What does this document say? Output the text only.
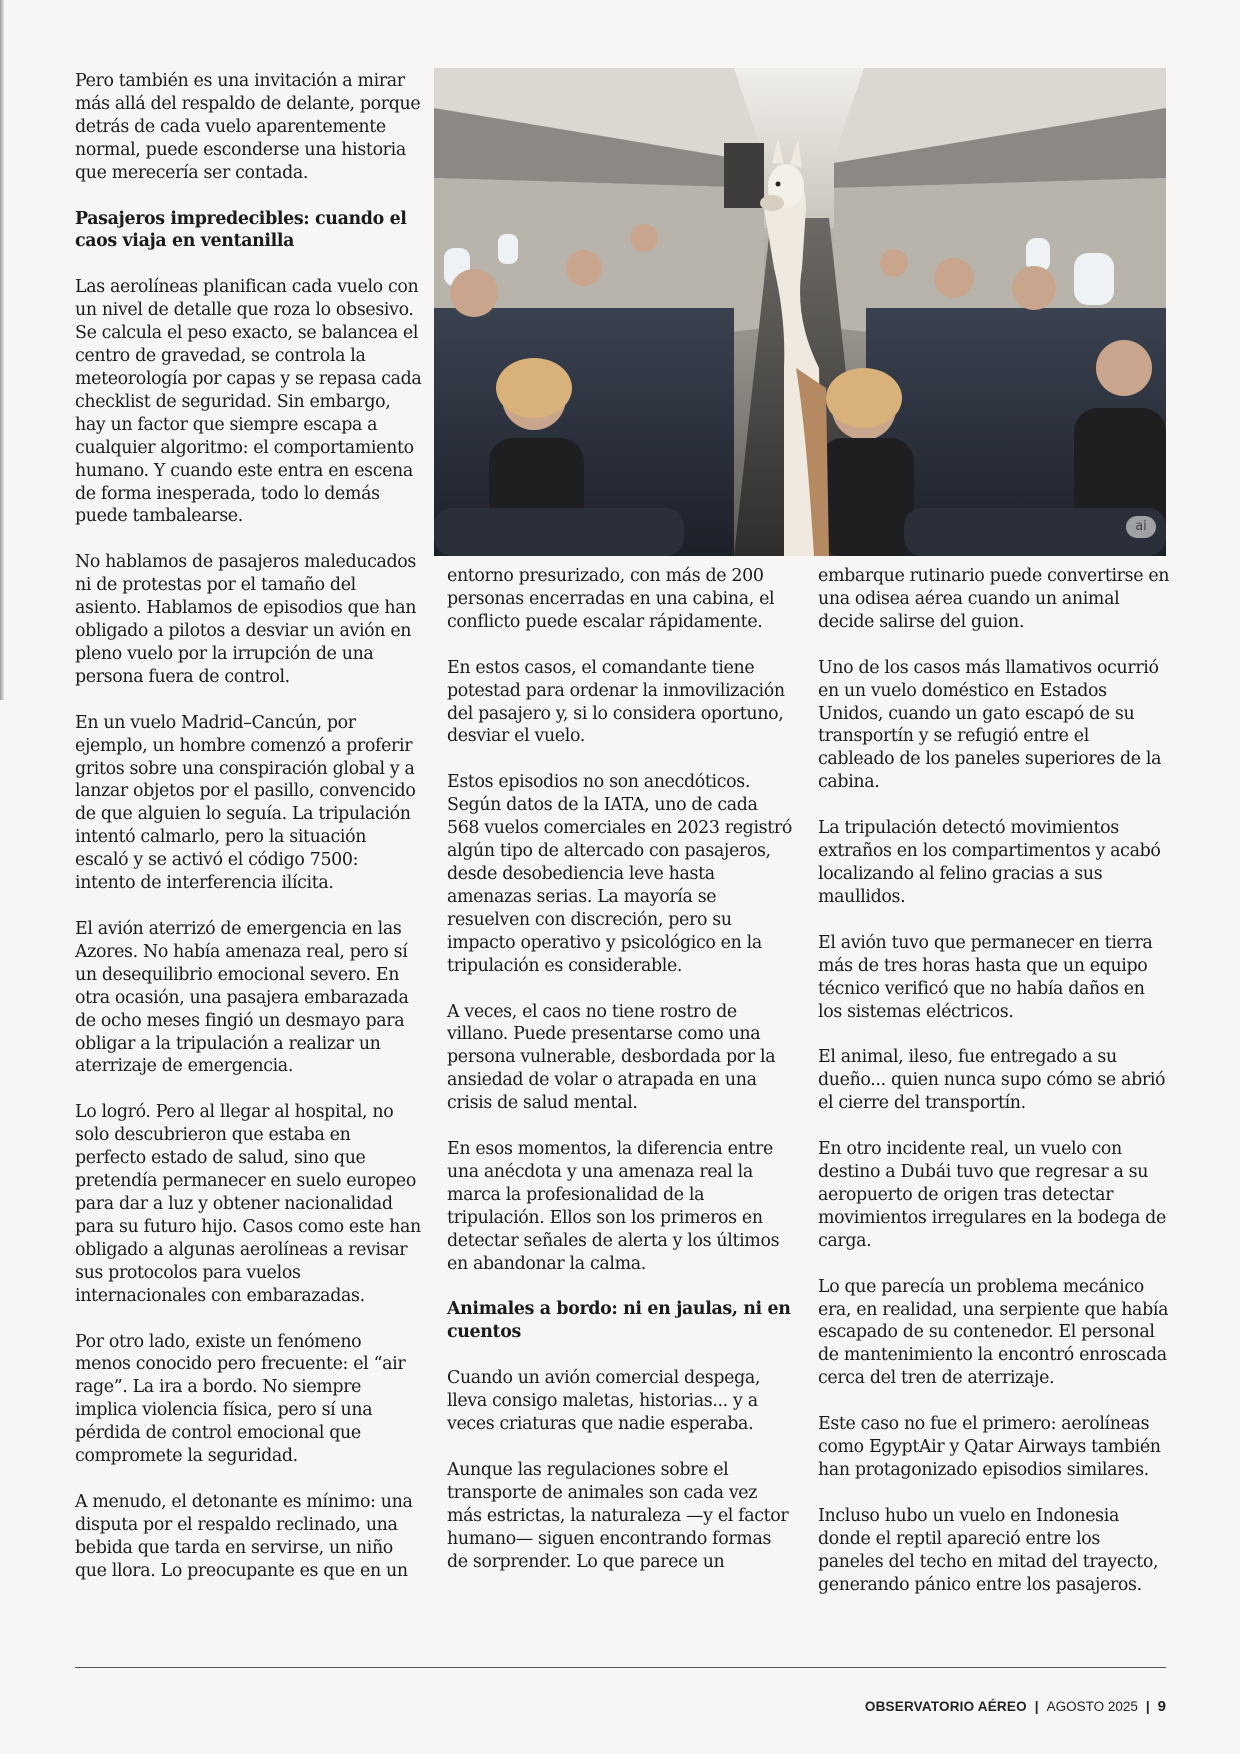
Pero también es una invitación a mirar más allá del respaldo de delante, porque detrás de cada vuelo aparentemente normal, puede esconderse una historia que merecería ser contada.

Pasajeros impredecibles: cuando el caos viaja en ventanilla

Las aerolíneas planifican cada vuelo con un nivel de detalle que roza lo obsesivo. Se calcula el peso exacto, se balancea el centro de gravedad, se controla la meteorología por capas y se repasa cada checklist de seguridad. Sin embargo, hay un factor que siempre escapa a cualquier algoritmo: el comportamiento humano. Y cuando este entra en escena de forma inesperada, todo lo demás puede tambalearse.

No hablamos de pasajeros maleducados ni de protestas por el tamaño del asiento. Hablamos de episodios que han obligado a pilotos a desviar un avión en pleno vuelo por la irrupción de una persona fuera de control.

En un vuelo Madrid–Cancún, por ejemplo, un hombre comenzó a proferir gritos sobre una conspiración global y a lanzar objetos por el pasillo, convencido de que alguien lo seguía. La tripulación intentó calmarlo, pero la situación escaló y se activó el código 7500: intento de interferencia ilícita.

El avión aterrizó de emergencia en las Azores. No había amenaza real, pero sí un desequilibrio emocional severo. En otra ocasión, una pasajera embarazada de ocho meses fingió un desmayo para obligar a la tripulación a realizar un aterrizaje de emergencia.

Lo logró. Pero al llegar al hospital, no solo descubrieron que estaba en perfecto estado de salud, sino que pretendía permanecer en suelo europeo para dar a luz y obtener nacionalidad para su futuro hijo. Casos como este han obligado a algunas aerolíneas a revisar sus protocolos para vuelos internacionales con embarazadas.

Por otro lado, existe un fenómeno menos conocido pero frecuente: el “air rage”. La ira a bordo. No siempre implica violencia física, pero sí una pérdida de control emocional que compromete la seguridad.

A menudo, el detonante es mínimo: una disputa por el respaldo reclinado, una bebida que tarda en servirse, un niño que llora. Lo preocupante es que en un

ai

entorno presurizado, con más de 200 personas encerradas en una cabina, el conflicto puede escalar rápidamente.

En estos casos, el comandante tiene potestad para ordenar la inmovilización del pasajero y, si lo considera oportuno, desviar el vuelo.

Estos episodios no son anecdóticos. Según datos de la IATA, uno de cada 568 vuelos comerciales en 2023 registró algún tipo de altercado con pasajeros, desde desobediencia leve hasta amenazas serias. La mayoría se resuelven con discreción, pero su impacto operativo y psicológico en la tripulación es considerable.

A veces, el caos no tiene rostro de villano. Puede presentarse como una persona vulnerable, desbordada por la ansiedad de volar o atrapada en una crisis de salud mental.

En esos momentos, la diferencia entre una anécdota y una amenaza real la marca la profesionalidad de la tripulación. Ellos son los primeros en detectar señales de alerta y los últimos en abandonar la calma.

Animales a bordo: ni en jaulas, ni en cuentos

Cuando un avión comercial despega, lleva consigo maletas, historias... y a veces criaturas que nadie esperaba.

Aunque las regulaciones sobre el transporte de animales son cada vez más estrictas, la naturaleza —y el factor humano— siguen encontrando formas de sorprender. Lo que parece un

embarque rutinario puede convertirse en una odisea aérea cuando un animal decide salirse del guion.

Uno de los casos más llamativos ocurrió en un vuelo doméstico en Estados Unidos, cuando un gato escapó de su transportín y se refugió entre el cableado de los paneles superiores de la cabina.

La tripulación detectó movimientos extraños en los compartimentos y acabó localizando al felino gracias a sus maullidos.

El avión tuvo que permanecer en tierra más de tres horas hasta que un equipo técnico verificó que no había daños en los sistemas eléctricos.

El animal, ileso, fue entregado a su dueño... quien nunca supo cómo se abrió el cierre del transportín.

En otro incidente real, un vuelo con destino a Dubái tuvo que regresar a su aeropuerto de origen tras detectar movimientos irregulares en la bodega de carga.

Lo que parecía un problema mecánico era, en realidad, una serpiente que había escapado de su contenedor. El personal de mantenimiento la encontró enroscada cerca del tren de aterrizaje.

Este caso no fue el primero: aerolíneas como EgyptAir y Qatar Airways también han protagonizado episodios similares.

Incluso hubo un vuelo en Indonesia donde el reptil apareció entre los paneles del techo en mitad del trayecto, generando pánico entre los pasajeros.

OBSERVATORIO AÉREO | AGOSTO 2025 | 9
